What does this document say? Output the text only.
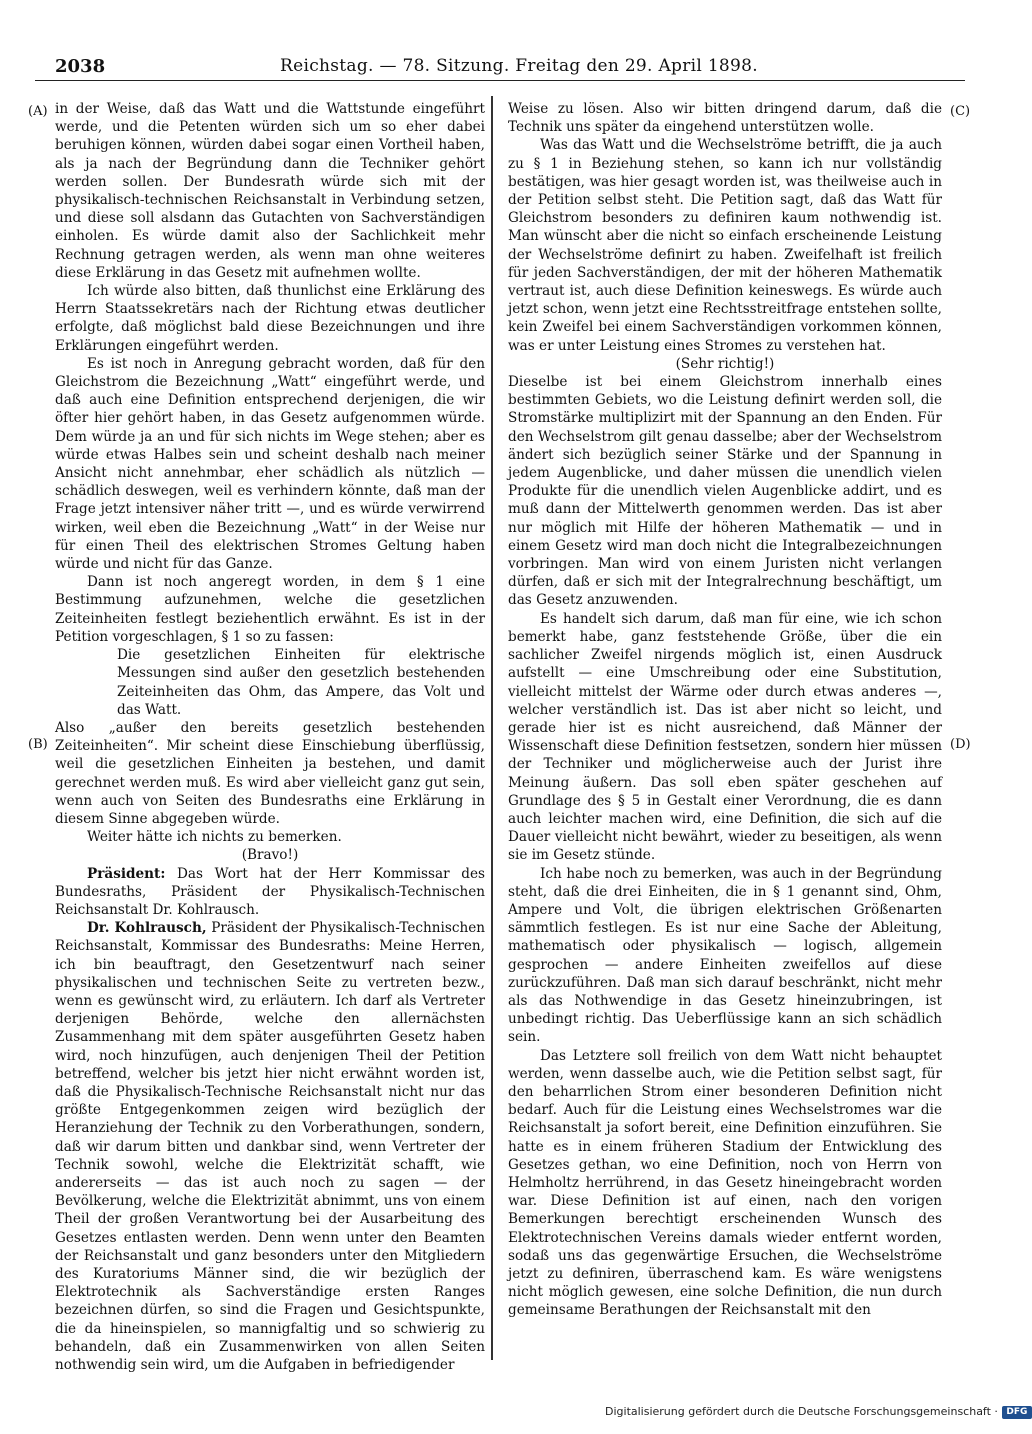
2038	Reichstag. — 78. Sitzung. Freitag den 29. April 1898.
(A)
(B)
(C)
(D)

in der Weise, daß das Watt und die Wattstunde eingeführt werde, und die Petenten würden sich um so eher dabei beruhigen können, würden dabei sogar einen Vortheil haben, als ja nach der Begründung dann die Techniker gehört werden sollen. Der Bundesrath würde sich mit der physikalisch-technischen Reichsanstalt in Verbindung setzen, und diese soll alsdann das Gutachten von Sachverständigen einholen. Es würde damit also der Sachlichkeit mehr Rechnung getragen werden, als wenn man ohne weiteres diese Erklärung in das Gesetz mit aufnehmen wollte.

Ich würde also bitten, daß thunlichst eine Erklärung des Herrn Staatssekretärs nach der Richtung etwas deutlicher erfolgte, daß möglichst bald diese Bezeichnungen und ihre Erklärungen eingeführt werden.

Es ist noch in Anregung gebracht worden, daß für den Gleichstrom die Bezeichnung „Watt“ eingeführt werde, und daß auch eine Definition entsprechend derjenigen, die wir öfter hier gehört haben, in das Gesetz aufgenommen würde. Dem würde ja an und für sich nichts im Wege stehen; aber es würde etwas Halbes sein und scheint deshalb nach meiner Ansicht nicht annehmbar, eher schädlich als nützlich — schädlich deswegen, weil es verhindern könnte, daß man der Frage jetzt intensiver näher tritt —, und es würde verwirrend wirken, weil eben die Bezeichnung „Watt“ in der Weise nur für einen Theil des elektrischen Stromes Geltung haben würde und nicht für das Ganze.

Dann ist noch angeregt worden, in dem § 1 eine Bestimmung aufzunehmen, welche die gesetzlichen Zeiteinheiten festlegt beziehentlich erwähnt. Es ist in der Petition vorgeschlagen, § 1 so zu fassen:

Die gesetzlichen Einheiten für elektrische Messungen sind außer den gesetzlich bestehenden Zeiteinheiten das Ohm, das Ampere, das Volt und das Watt.

Also „außer den bereits gesetzlich bestehenden Zeiteinheiten“. Mir scheint diese Einschiebung überflüssig, weil die gesetzlichen Einheiten ja bestehen, und damit gerechnet werden muß. Es wird aber vielleicht ganz gut sein, wenn auch von Seiten des Bundesraths eine Erklärung in diesem Sinne abgegeben würde.

Weiter hätte ich nichts zu bemerken.

(Bravo!)

Präsident: Das Wort hat der Herr Kommissar des Bundesraths, Präsident der Physikalisch-Technischen Reichsanstalt Dr. Kohlrausch.

Dr. Kohlrausch, Präsident der Physikalisch-Technischen Reichsanstalt, Kommissar des Bundesraths: Meine Herren, ich bin beauftragt, den Gesetzentwurf nach seiner physikalischen und technischen Seite zu vertreten bezw., wenn es gewünscht wird, zu erläutern. Ich darf als Vertreter derjenigen Behörde, welche den allernächsten Zusammenhang mit dem später ausgeführten Gesetz haben wird, noch hinzufügen, auch denjenigen Theil der Petition betreffend, welcher bis jetzt hier nicht erwähnt worden ist, daß die Physikalisch-Technische Reichsanstalt nicht nur das größte Entgegenkommen zeigen wird bezüglich der Heranziehung der Technik zu den Vorberathungen, sondern, daß wir darum bitten und dankbar sind, wenn Vertreter der Technik sowohl, welche die Elektrizität schafft, wie andererseits — das ist auch noch zu sagen — der Bevölkerung, welche die Elektrizität abnimmt, uns von einem Theil der großen Verantwortung bei der Ausarbeitung des Gesetzes entlasten werden. Denn wenn unter den Beamten der Reichsanstalt und ganz besonders unter den Mitgliedern des Kuratoriums Männer sind, die wir bezüglich der Elektrotechnik als Sachverständige ersten Ranges bezeichnen dürfen, so sind die Fragen und Gesichtspunkte, die da hineinspielen, so mannigfaltig und so schwierig zu behandeln, daß ein Zusammenwirken von allen Seiten nothwendig sein wird, um die Aufgaben in befriedigender

Weise zu lösen. Also wir bitten dringend darum, daß die Technik uns später da eingehend unterstützen wolle.

Was das Watt und die Wechselströme betrifft, die ja auch zu § 1 in Beziehung stehen, so kann ich nur vollständig bestätigen, was hier gesagt worden ist, was theilweise auch in der Petition selbst steht. Die Petition sagt, daß das Watt für Gleichstrom besonders zu definiren kaum nothwendig ist. Man wünscht aber die nicht so einfach erscheinende Leistung der Wechselströme definirt zu haben. Zweifelhaft ist freilich für jeden Sachverständigen, der mit der höheren Mathematik vertraut ist, auch diese Definition keineswegs. Es würde auch jetzt schon, wenn jetzt eine Rechtsstreitfrage entstehen sollte, kein Zweifel bei einem Sachverständigen vorkommen können, was er unter Leistung eines Stromes zu verstehen hat.

(Sehr richtig!)

Dieselbe ist bei einem Gleichstrom innerhalb eines bestimmten Gebiets, wo die Leistung definirt werden soll, die Stromstärke multiplizirt mit der Spannung an den Enden. Für den Wechselstrom gilt genau dasselbe; aber der Wechselstrom ändert sich bezüglich seiner Stärke und der Spannung in jedem Augenblicke, und daher müssen die unendlich vielen Produkte für die unendlich vielen Augenblicke addirt, und es muß dann der Mittelwerth genommen werden. Das ist aber nur möglich mit Hilfe der höheren Mathematik — und in einem Gesetz wird man doch nicht die Integralbezeichnungen vorbringen. Man wird von einem Juristen nicht verlangen dürfen, daß er sich mit der Integralrechnung beschäftigt, um das Gesetz anzuwenden.

Es handelt sich darum, daß man für eine, wie ich schon bemerkt habe, ganz feststehende Größe, über die ein sachlicher Zweifel nirgends möglich ist, einen Ausdruck aufstellt — eine Umschreibung oder eine Substitution, vielleicht mittelst der Wärme oder durch etwas anderes —, welcher verständlich ist. Das ist aber nicht so leicht, und gerade hier ist es nicht ausreichend, daß Männer der Wissenschaft diese Definition festsetzen, sondern hier müssen der Techniker und möglicherweise auch der Jurist ihre Meinung äußern. Das soll eben später geschehen auf Grundlage des § 5 in Gestalt einer Verordnung, die es dann auch leichter machen wird, eine Definition, die sich auf die Dauer vielleicht nicht bewährt, wieder zu beseitigen, als wenn sie im Gesetz stünde.

Ich habe noch zu bemerken, was auch in der Begründung steht, daß die drei Einheiten, die in § 1 genannt sind, Ohm, Ampere und Volt, die übrigen elektrischen Größenarten sämmtlich festlegen. Es ist nur eine Sache der Ableitung, mathematisch oder physikalisch — logisch, allgemein gesprochen — andere Einheiten zweifellos auf diese zurückzuführen. Daß man sich darauf beschränkt, nicht mehr als das Nothwendige in das Gesetz hineinzubringen, ist unbedingt richtig. Das Ueberflüssige kann an sich schädlich sein.

Das Letztere soll freilich von dem Watt nicht behauptet werden, wenn dasselbe auch, wie die Petition selbst sagt, für den beharrlichen Strom einer besonderen Definition nicht bedarf. Auch für die Leistung eines Wechselstromes war die Reichsanstalt ja sofort bereit, eine Definition einzuführen. Sie hatte es in einem früheren Stadium der Entwicklung des Gesetzes gethan, wo eine Definition, noch von Herrn von Helmholtz herrührend, in das Gesetz hineingebracht worden war. Diese Definition ist auf einen, nach den vorigen Bemerkungen berechtigt erscheinenden Wunsch des Elektrotechnischen Vereins damals wieder entfernt worden, sodaß uns das gegenwärtige Ersuchen, die Wechselströme jetzt zu definiren, überraschend kam. Es wäre wenigstens nicht möglich gewesen, eine solche Definition, die nun durch gemeinsame Berathungen der Reichsanstalt mit den

Digitalisierung gefördert durch die Deutsche Forschungsgemeinschaft · DFG
